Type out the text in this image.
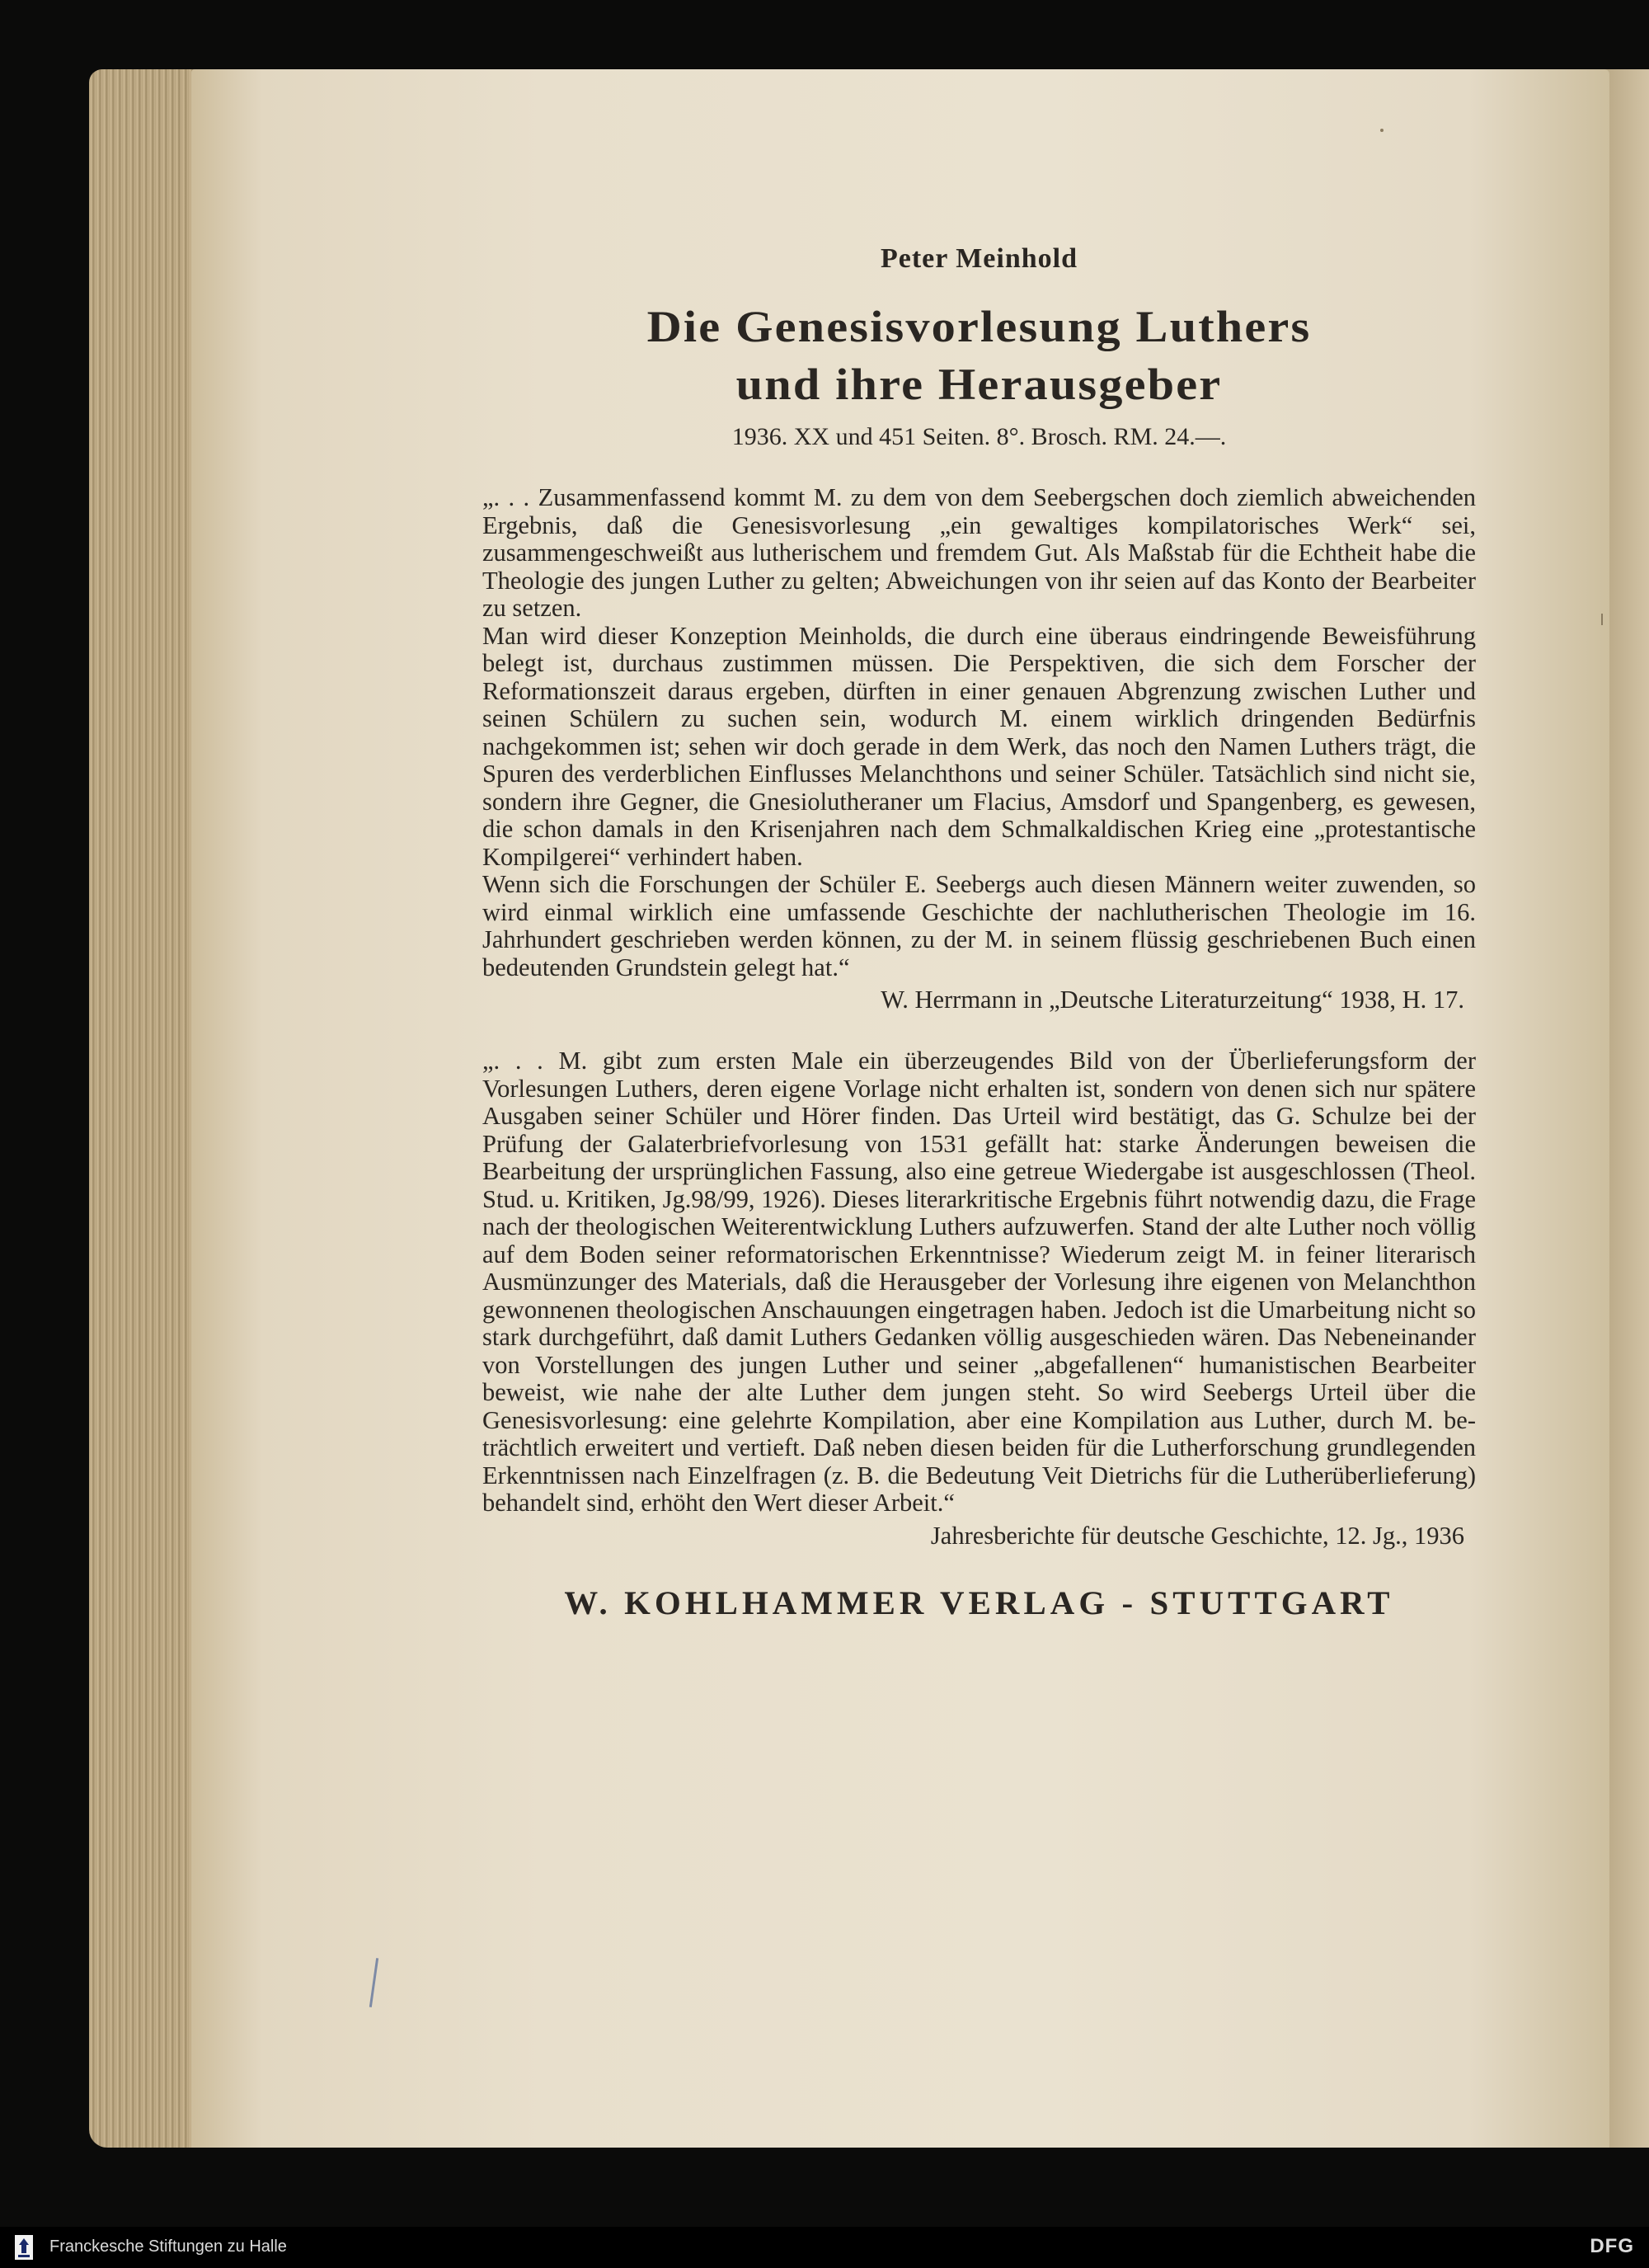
Peter Meinhold
Die Genesisvorlesung Luthers
und ihre Herausgeber
1936. XX und 451 Seiten. 8°. Brosch. RM. 24.—.

„. . . Zusammenfassend kommt M. zu dem von dem Seebergschen doch ziemlich abweichenden Ergebnis, daß die Genesisvorlesung „ein gewaltiges kompilatorisches Werk“ sei, zusammengeschweißt aus lutherischem und fremdem Gut. Als Maßstab für die Echtheit habe die Theologie des jungen Luther zu gelten; Abweichungen von ihr seien auf das Konto der Bearbeiter zu setzen.

Man wird dieser Konzeption Meinholds, die durch eine überaus eindringende Beweisführung belegt ist, durchaus zustimmen müssen. Die Perspektiven, die sich dem Forscher der Reformationszeit daraus ergeben, dürften in einer genauen Abgrenzung zwischen Luther und seinen Schülern zu suchen sein, wodurch M. einem wirklich dringenden Bedürfnis nachgekommen ist; sehen wir doch gerade in dem Werk, das noch den Namen Luthers trägt, die Spuren des verderblichen Einflusses Melanchthons und seiner Schüler. Tatsächlich sind nicht sie, sondern ihre Gegner, die Gnesiolutheraner um Flacius, Amsdorf und Spangenberg, es gewesen, die schon damals in den Krisenjahren nach dem Schmalkaldischen Krieg eine „protestantische Kompilgerei“ verhindert haben.

Wenn sich die Forschungen der Schüler E. Seebergs auch diesen Männern weiter zuwenden, so wird einmal wirklich eine umfassende Geschichte der nachlutherischen Theologie im 16. Jahrhundert geschrieben werden können, zu der M. in seinem flüssig geschriebenen Buch einen bedeutenden Grundstein gelegt hat.“

W. Herrmann in „Deutsche Literaturzeitung“ 1938, H. 17.

„. . . M. gibt zum ersten Male ein überzeugendes Bild von der Überlieferungsform der Vorlesungen Luthers, deren eigene Vorlage nicht erhalten ist, sondern von denen sich nur spätere Ausgaben seiner Schüler und Hörer finden. Das Urteil wird bestätigt, das G. Schulze bei der Prüfung der Galaterbriefvorlesung von 1531 gefällt hat: starke Änderungen beweisen die Bearbeitung der ursprünglichen Fassung, also eine getreue Wiedergabe ist ausgeschlossen (Theol. Stud. u. Kritiken, Jg.98/99, 1926). Dieses literarkritische Ergebnis führt notwendig dazu, die Frage nach der theologischen Weiterentwicklung Luthers aufzuwerfen. Stand der alte Luther noch völlig auf dem Boden seiner reformatorischen Erkenntnisse? Wiederum zeigt M. in feiner literarisch Ausmünzunger des Materials, daß die Herausgeber der Vorlesung ihre eigenen von Melanchthon gewonnenen theologischen Anschauungen eingetragen haben. Jedoch ist die Umarbeitung nicht so stark durchgeführt, daß damit Luthers Gedanken völlig ausgeschieden wären. Das Nebeneinander von Vorstellungen des jungen Luther und seiner „abgefallenen“ humanistischen Bearbeiter beweist, wie nahe der alte Luther dem jungen steht. So wird Seebergs Urteil über die Genesisvorlesung: eine gelehrte Kompilation, aber eine Kompilation aus Luther, durch M. beträchtlich erweitert und vertieft. Daß neben diesen beiden für die Lutherforschung grundlegenden Erkenntnissen nach Einzelfragen (z. B. die Bedeutung Veit Dietrichs für die Lutherüberlieferung) behandelt sind, erhöht den Wert dieser Arbeit.“

Jahresberichte für deutsche Geschichte, 12. Jg., 1936
W. KOHLHAMMER VERLAG - STUTTGART
Franckesche Stiftungen zu Halle	DFG
